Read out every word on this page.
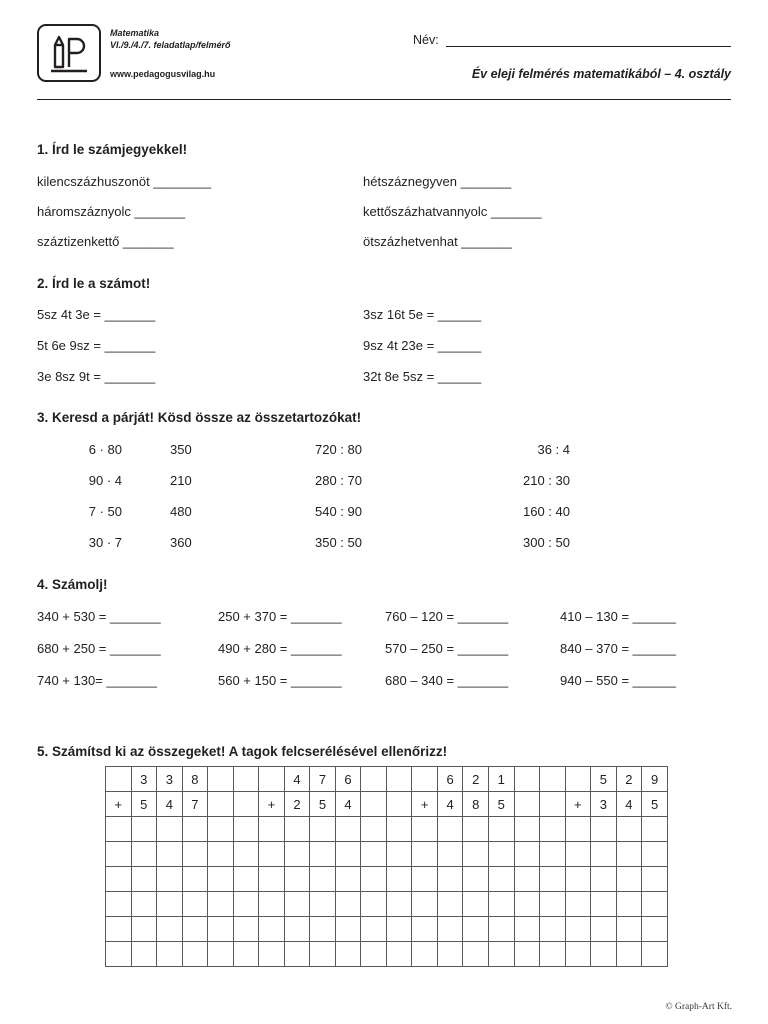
Matematika
VI./9./4./7. feladatlap/felmérő
www.pedagogusvilag.hu
Név:
Év eleji felmérés matematikából – 4. osztály
1. Írd le számjegyekkel!
kilencszázhuszonöt ________	hétszáznegyven _______
háromszáznyolc _______	kettőszázhatvannyolc _______
száztizenkettő _______	ötszázhetvenhat _______
2. Írd le a számot!
5sz 4t 3e = _______	3sz 16t 5e = ______
5t 6e 9sz = _______	9sz 4t 23e = ______
3e 8sz 9t = _______	32t 8e 5sz = ______
3. Keresd a párját! Kösd össze az összetartozókat!
6 · 80	350	720 : 80	36 : 4
90 · 4	210	280 : 70	210 : 30
7 · 50	480	540 : 90	160 : 40
30 · 7	360	350 : 50	300 : 50
4. Számolj!
340 + 530 = _______	250 + 370 = _______	760 – 120 = _______	410 – 130 = ______
680 + 250 = _______	490 + 280 = _______	570 – 250 = _______	840 – 370 = ______
740 + 130= _______	560 + 150 = _______	680 – 340 = _______	940 – 550 = ______
5. Számítsd ki az összegeket! A tagok felcserélésével ellenőrizz!
	3	3	8				4	7	6				6	2	1				5	2	9
+	5	4	7			+	2	5	4			+	4	8	5			+	3	4	5

© Graph-Art Kft.
